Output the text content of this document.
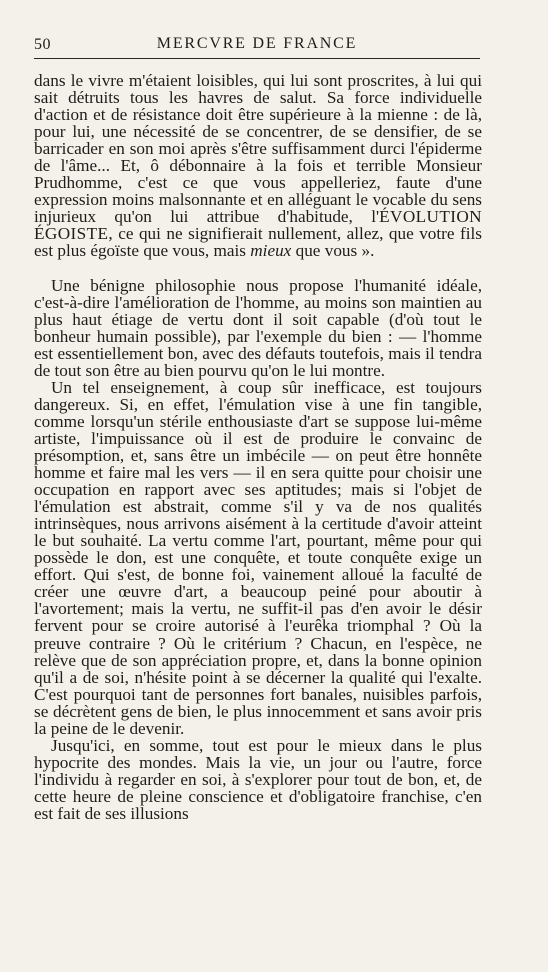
50	MERCVRE DE FRANCE

dans le vivre m'étaient loisibles, qui lui sont proscrites, à lui qui sait détruits tous les havres de salut. Sa force individuelle d'action et de résistance doit être supérieure à la mienne : de là, pour lui, une nécessité de se concentrer, de se densifier, de se barricader en son moi après s'être suffisamment durci l'épiderme de l'âme... Et, ô débonnaire à la fois et terrible Monsieur Prudhomme, c'est ce que vous appelleriez, faute d'une expression moins malsonnante et en alléguant le vocable du sens injurieux qu'on lui attribue d'habitude, l'ÉVOLUTION ÉGOISTE, ce qui ne signifierait nullement, allez, que votre fils est plus égoïste que vous, mais mieux que vous ».

Une bénigne philosophie nous propose l'humanité idéale, c'est-à-dire l'amélioration de l'homme, au moins son maintien au plus haut étiage de vertu dont il soit capable (d'où tout le bonheur humain possible), par l'exemple du bien : — l'homme est essentiellement bon, avec des défauts toutefois, mais il tendra de tout son être au bien pourvu qu'on le lui montre.

Un tel enseignement, à coup sûr inefficace, est toujours dangereux. Si, en effet, l'émulation vise à une fin tangible, comme lorsqu'un stérile enthousiaste d'art se suppose lui-même artiste, l'impuissance où il est de produire le convainc de présomption, et, sans être un imbécile — on peut être honnête homme et faire mal les vers — il en sera quitte pour choisir une occupation en rapport avec ses aptitudes; mais si l'objet de l'émulation est abstrait, comme s'il y va de nos qualités intrinsèques, nous arrivons aisément à la certitude d'avoir atteint le but souhaité. La vertu comme l'art, pourtant, même pour qui possède le don, est une conquête, et toute conquête exige un effort. Qui s'est, de bonne foi, vainement alloué la faculté de créer une œuvre d'art, a beaucoup peiné pour aboutir à l'avortement; mais la vertu, ne suffit-il pas d'en avoir le désir fervent pour se croire autorisé à l'eurêka triomphal ? Où la preuve contraire ? Où le critérium ? Chacun, en l'espèce, ne relève que de son appréciation propre, et, dans la bonne opinion qu'il a de soi, n'hésite point à se décerner la qualité qui l'exalte. C'est pourquoi tant de personnes fort banales, nuisibles parfois, se décrètent gens de bien, le plus innocemment et sans avoir pris la peine de le devenir.

Jusqu'ici, en somme, tout est pour le mieux dans le plus hypocrite des mondes. Mais la vie, un jour ou l'autre, force l'individu à regarder en soi, à s'explorer pour tout de bon, et, de cette heure de pleine conscience et d'obligatoire franchise, c'en est fait de ses illusions
